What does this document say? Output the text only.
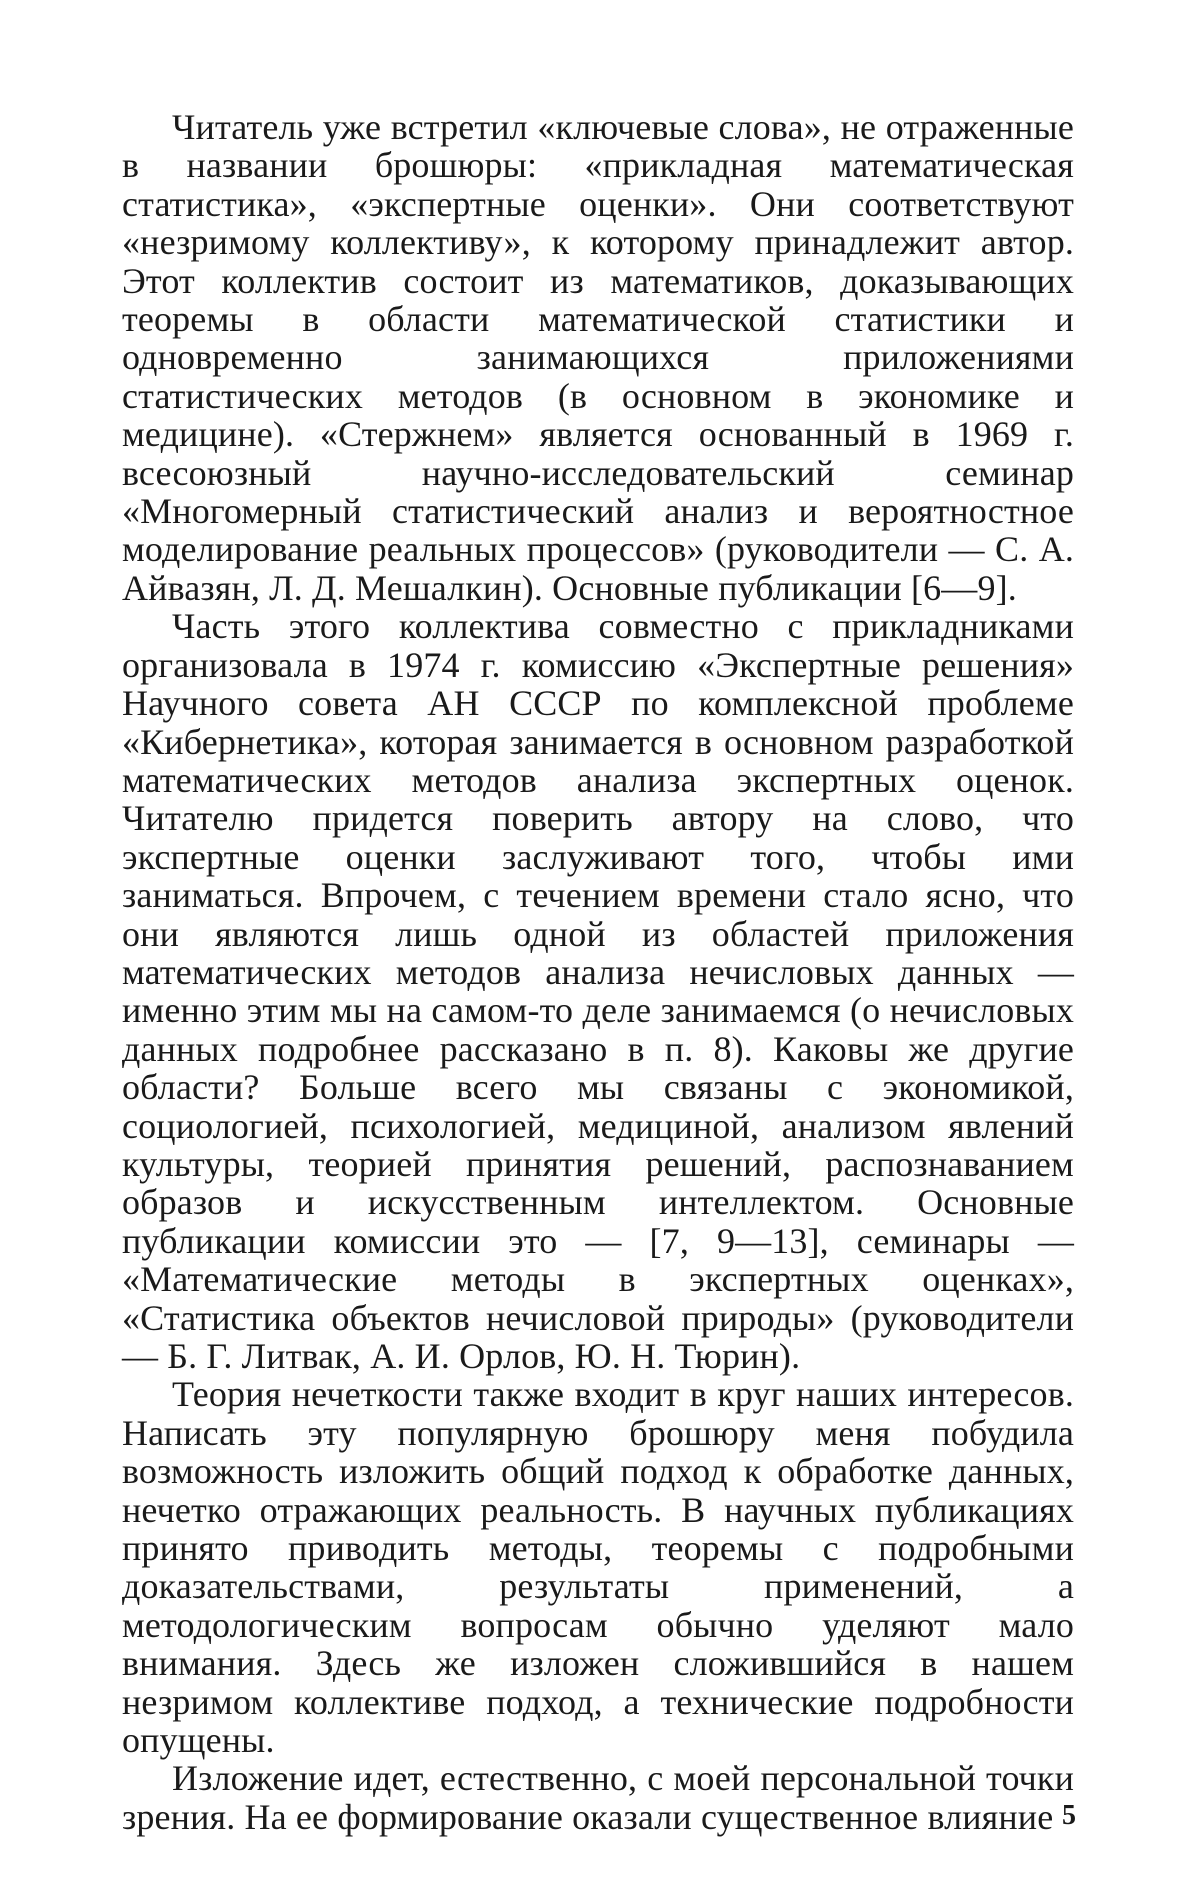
Читатель уже встретил «ключевые слова», не отраженные в названии брошюры: «прикладная математическая статистика», «экспертные оценки». Они соответствуют «незримому коллективу», к которому принадлежит автор. Этот коллектив состоит из математиков, доказывающих теоремы в области математической статистики и одновременно занимающихся приложениями статистических методов (в основном в экономике и медицине). «Стержнем» является основанный в 1969 г. всесоюзный научно-исследовательский семинар «Многомерный статистический анализ и вероятностное моделирование реальных процессов» (руководители — С. А. Айвазян, Л. Д. Мешалкин). Основные публикации [6—9].

Часть этого коллектива совместно с прикладниками организовала в 1974 г. комиссию «Экспертные решения» Научного совета АН СССР по комплексной проблеме «Кибернетика», которая занимается в основном разработкой математических методов анализа экспертных оценок. Читателю придется поверить автору на слово, что экспертные оценки заслуживают того, чтобы ими заниматься. Впрочем, с течением времени стало ясно, что они являются лишь одной из областей приложения математических методов анализа нечисловых данных — именно этим мы на самом-то деле занимаемся (о нечисловых данных подробнее рассказано в п. 8). Каковы же другие области? Больше всего мы связаны с экономикой, социологией, психологией, медициной, анализом явлений культуры, теорией принятия решений, распознаванием образов и искусственным интеллектом. Основные публикации комиссии это — [7, 9—13], семинары — «Математические методы в экспертных оценках», «Статистика объектов нечисловой природы» (руководители — Б. Г. Литвак, А. И. Орлов, Ю. Н. Тюрин).

Теория нечеткости также входит в круг наших интересов. Написать эту популярную брошюру меня побудила возможность изложить общий подход к обработке данных, нечетко отражающих реальность. В научных публикациях принято приводить методы, теоремы с подробными доказательствами, результаты применений, а методологическим вопросам обычно уделяют мало внимания. Здесь же изложен сложившийся в нашем незримом коллективе подход, а технические подробности опущены.

Изложение идет, естественно, с моей персональной точки зрения. На ее формирование оказали существенное влияние 5
